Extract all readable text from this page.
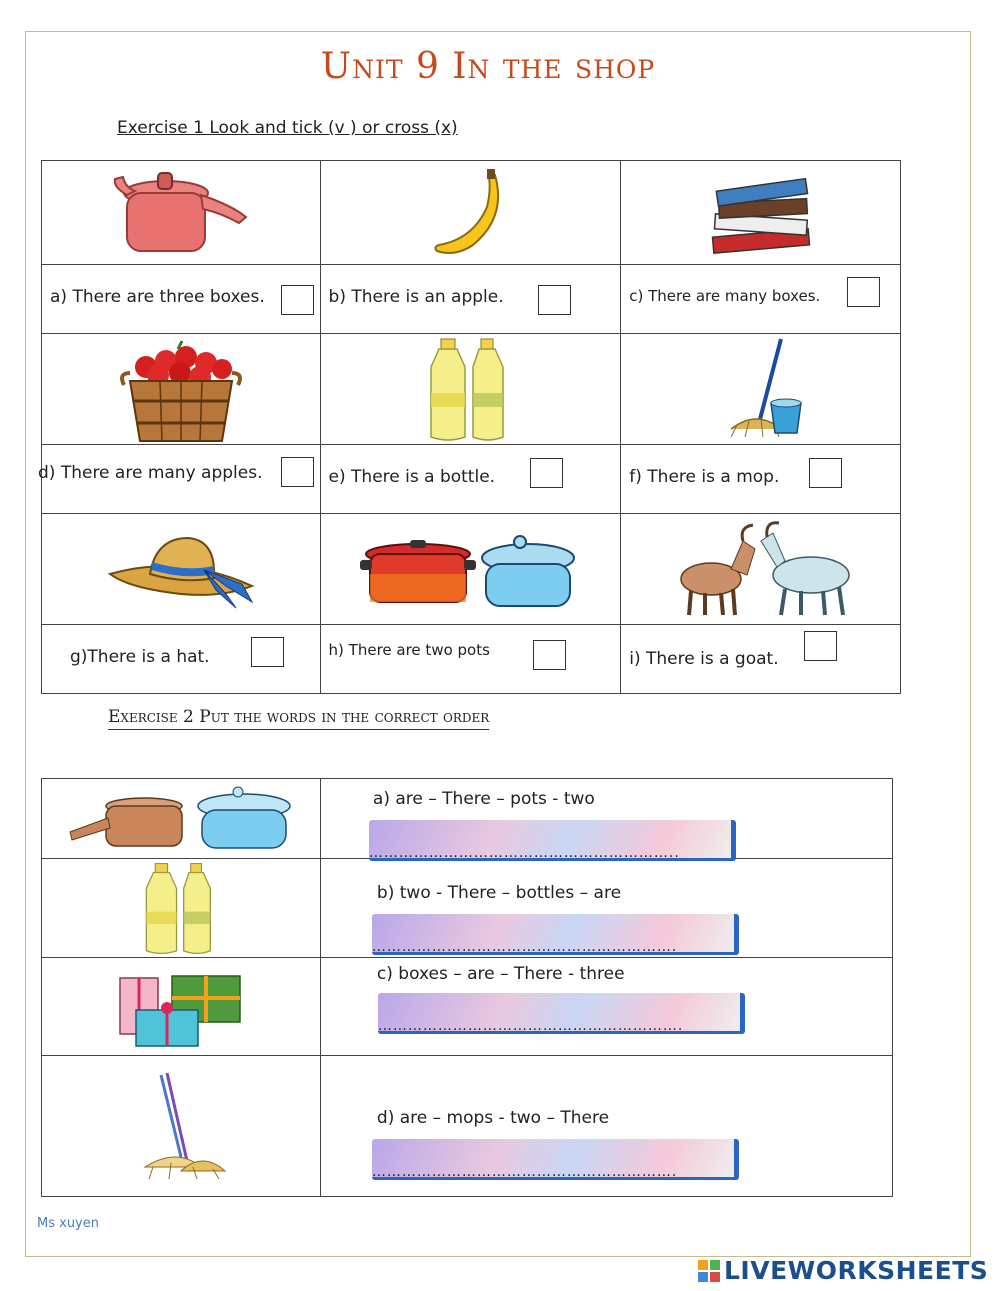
Unit 9 In the shop
Exercise 1 Look and tick (v ) or cross (x)

a) There are three boxes.	b) There is an apple.	c) There are many boxes.

d) There are many apples.	e) There is a bottle.	f) There is a mop.

g)There is a hat.	h) There are two pots	i) There is a goat.
Exercise 2 Put the words in the correct order

a) are – There – pots - two
……………………………………………………..

b) two - There – bottles – are
…………………………………………………….

c) boxes – are – There - three
…………………………………………………….

d) are – mops - two – There
…………………………………………………….
Ms xuyen
LIVEWORKSHEETS
